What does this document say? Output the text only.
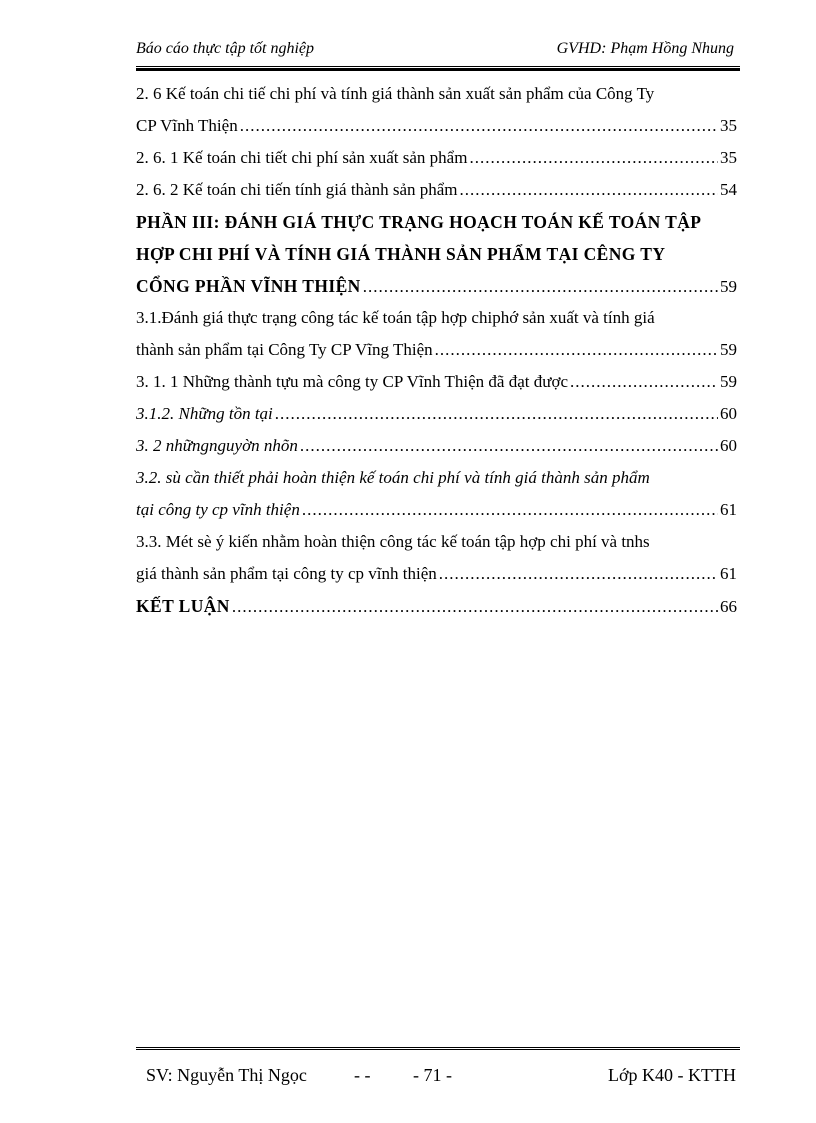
Báo cáo thực tập tốt nghiệp	GVHD: Phạm Hồng Nhung
2. 6 Kế toán chi tiế chi phí và tính giá thành sản xuất sản phẩm của Công Ty
CP Vĩnh Thiện .....	35
2. 6. 1 Kế toán chi tiết chi phí sản xuất sản phẩm .....	35
2. 6. 2 Kế toán chi tiến tính giá thành sản phẩm .....	54
PHẦN III: ĐÁNH GIÁ THỰC TRẠNG HOẠCH TOÁN KẾ TOÁN TẬP
HỢP CHI PHÍ VÀ TÍNH GIÁ THÀNH SẢN PHẨM TẠI CÊNG TY
CỔNG PHẦN VĨNH THIỆN .....	59
3.1.Đánh giá thực trạng công tác kế toán tập hợp chiphớ sản xuất và tính giá
thành sản phẩm tại Công Ty CP Vĩng Thiện .....	59
3. 1. 1 Những thành tựu mà công ty CP Vĩnh Thiện đã đạt được .....	59
3.1.2. Những tồn tại .....	60
3. 2 nhữngnguyờn nhõn .....	60
3.2. sù cần thiết phải hoàn thiện kế toán chi phí và tính giá thành sản phẩm
tại công ty cp vĩnh thiện .....	61
3.3. Mét sè ý kiến nhằm hoàn thiện công tác kế toán tập hợp chi phí và tnhs
giá thành sản phẩm tại công ty cp vĩnh thiện .....	61
KẾT LUẬN .....	66
SV: Nguyễn Thị Ngọc	- - - 71 -	Lớp K40 - KTTH
